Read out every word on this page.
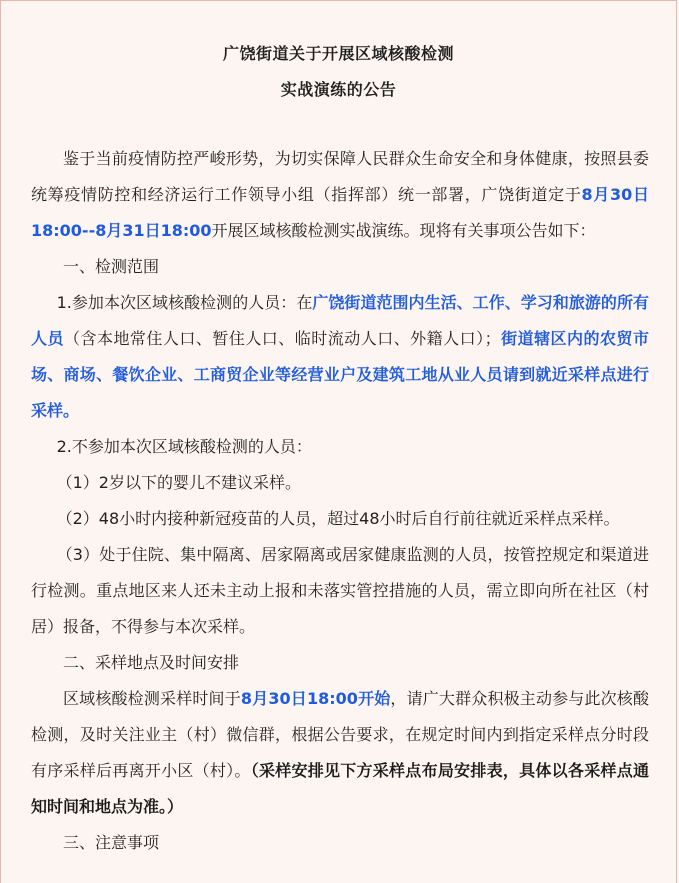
广饶街道关于开展区域核酸检测
实战演练的公告

鉴于当前疫情防控严峻形势，为切实保障人民群众生命安全和身体健康，按照县委统筹疫情防控和经济运行工作领导小组（指挥部）统一部署，广饶街道定于8月30日18:00--8月31日18:00开展区域核酸检测实战演练。现将有关事项公告如下：

一、检测范围

1.参加本次区域核酸检测的人员：在广饶街道范围内生活、工作、学习和旅游的所有人员（含本地常住人口、暂住人口、临时流动人口、外籍人口）；街道辖区内的农贸市场、商场、餐饮企业、工商贸企业等经营业户及建筑工地从业人员请到就近采样点进行采样。

2.不参加本次区域核酸检测的人员：

（1）2岁以下的婴儿不建议采样。

（2）48小时内接种新冠疫苗的人员，超过48小时后自行前往就近采样点采样。

（3）处于住院、集中隔离、居家隔离或居家健康监测的人员，按管控规定和渠道进行检测。重点地区来人还未主动上报和未落实管控措施的人员，需立即向所在社区（村居）报备，不得参与本次采样。

二、采样地点及时间安排

区域核酸检测采样时间于8月30日18:00开始，请广大群众积极主动参与此次核酸检测，及时关注业主（村）微信群，根据公告要求，在规定时间内到指定采样点分时段有序采样后再离开小区（村）。（采样安排见下方采样点布局安排表，具体以各采样点通知时间和地点为准。）

三、注意事项
